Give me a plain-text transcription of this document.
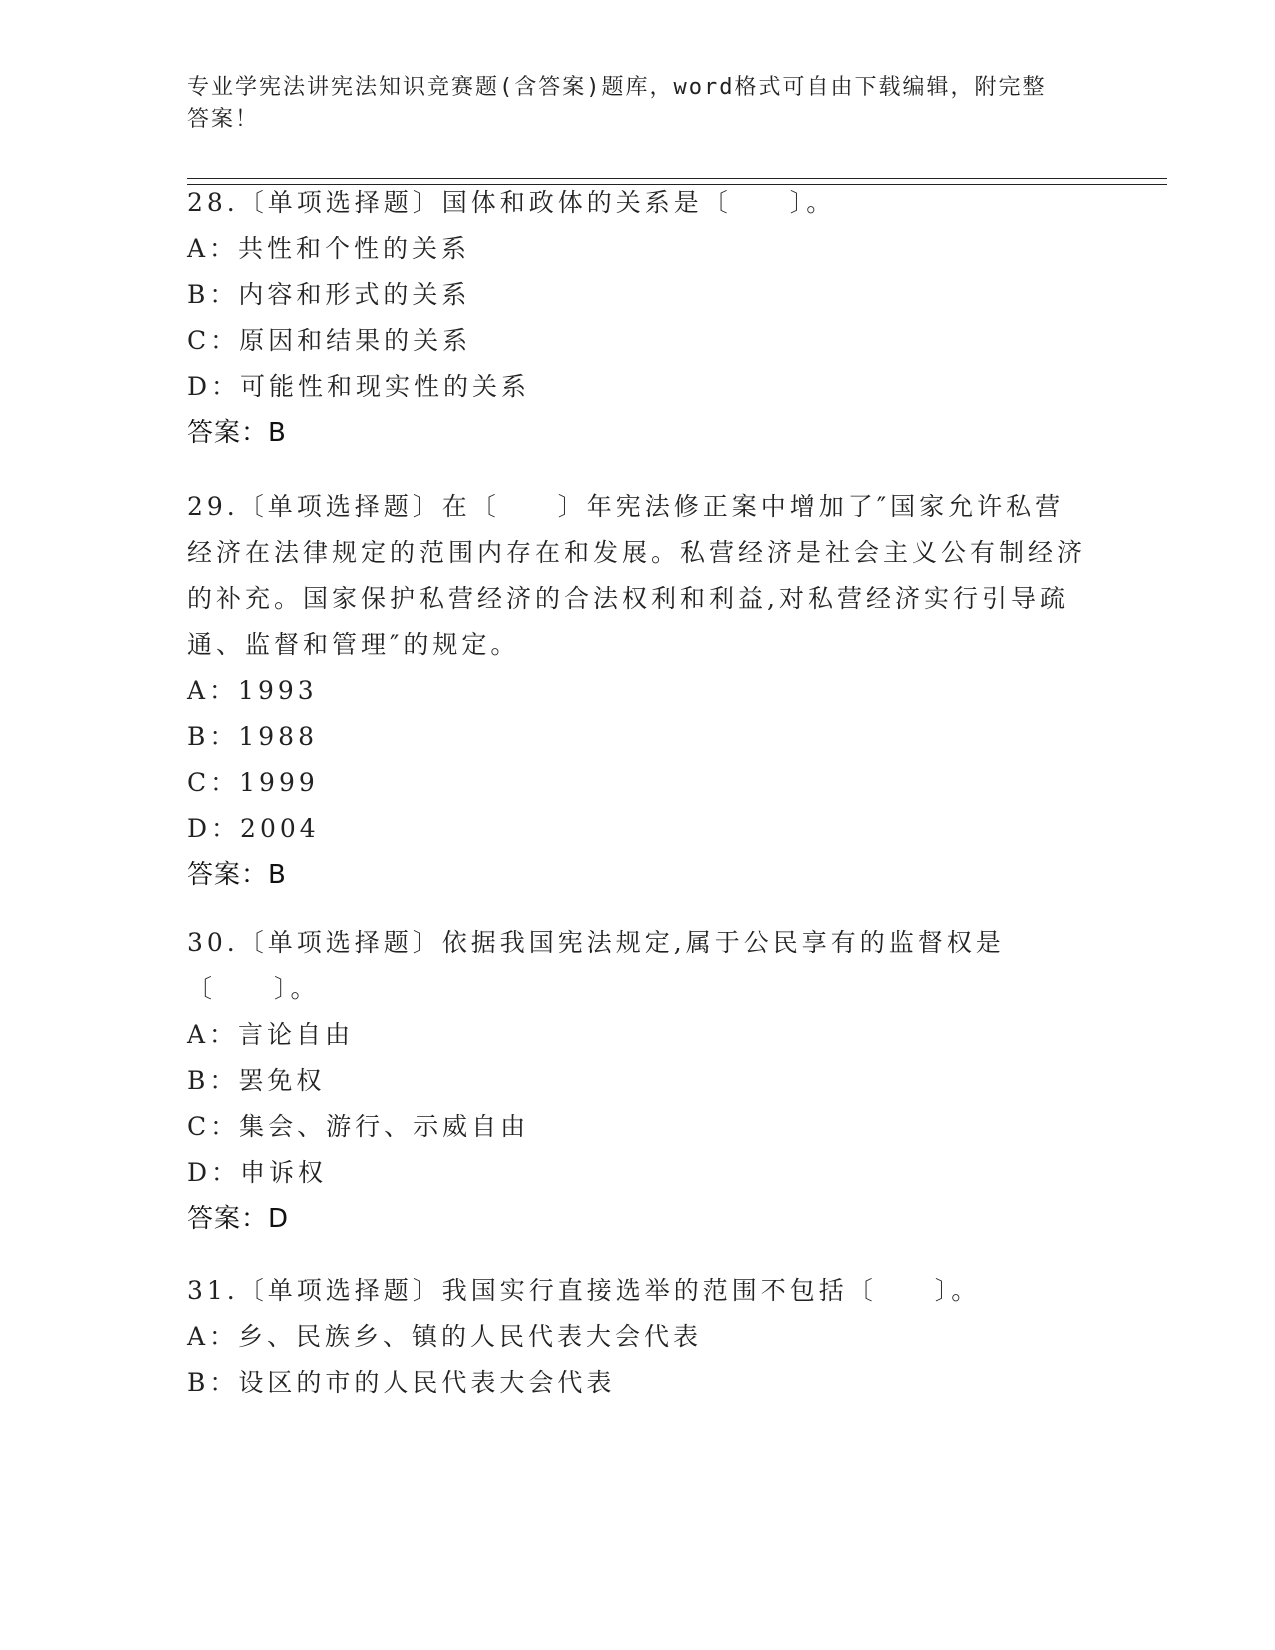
专业学宪法讲宪法知识竞赛题(含答案)题库，word格式可自由下载编辑，附完整答案！
28.〔单项选择题〕国体和政体的关系是〔　　〕。
A：共性和个性的关系
B：内容和形式的关系
C：原因和结果的关系
D：可能性和现实性的关系
答案：B
29.〔单项选择题〕在〔　　〕年宪法修正案中增加了″国家允许私营经济在法律规定的范围内存在和发展。私营经济是社会主义公有制经济的补充。国家保护私营经济的合法权利和利益,对私营经济实行引导疏通、监督和管理″的规定。
A：1993
B：1988
C：1999
D：2004
答案：B
30.〔单项选择题〕依据我国宪法规定,属于公民享有的监督权是〔　　〕。
A：言论自由
B：罢免权
C：集会、游行、示威自由
D：申诉权
答案：D
31.〔单项选择题〕我国实行直接选举的范围不包括〔　　〕。
A：乡、民族乡、镇的人民代表大会代表
B：设区的市的人民代表大会代表
